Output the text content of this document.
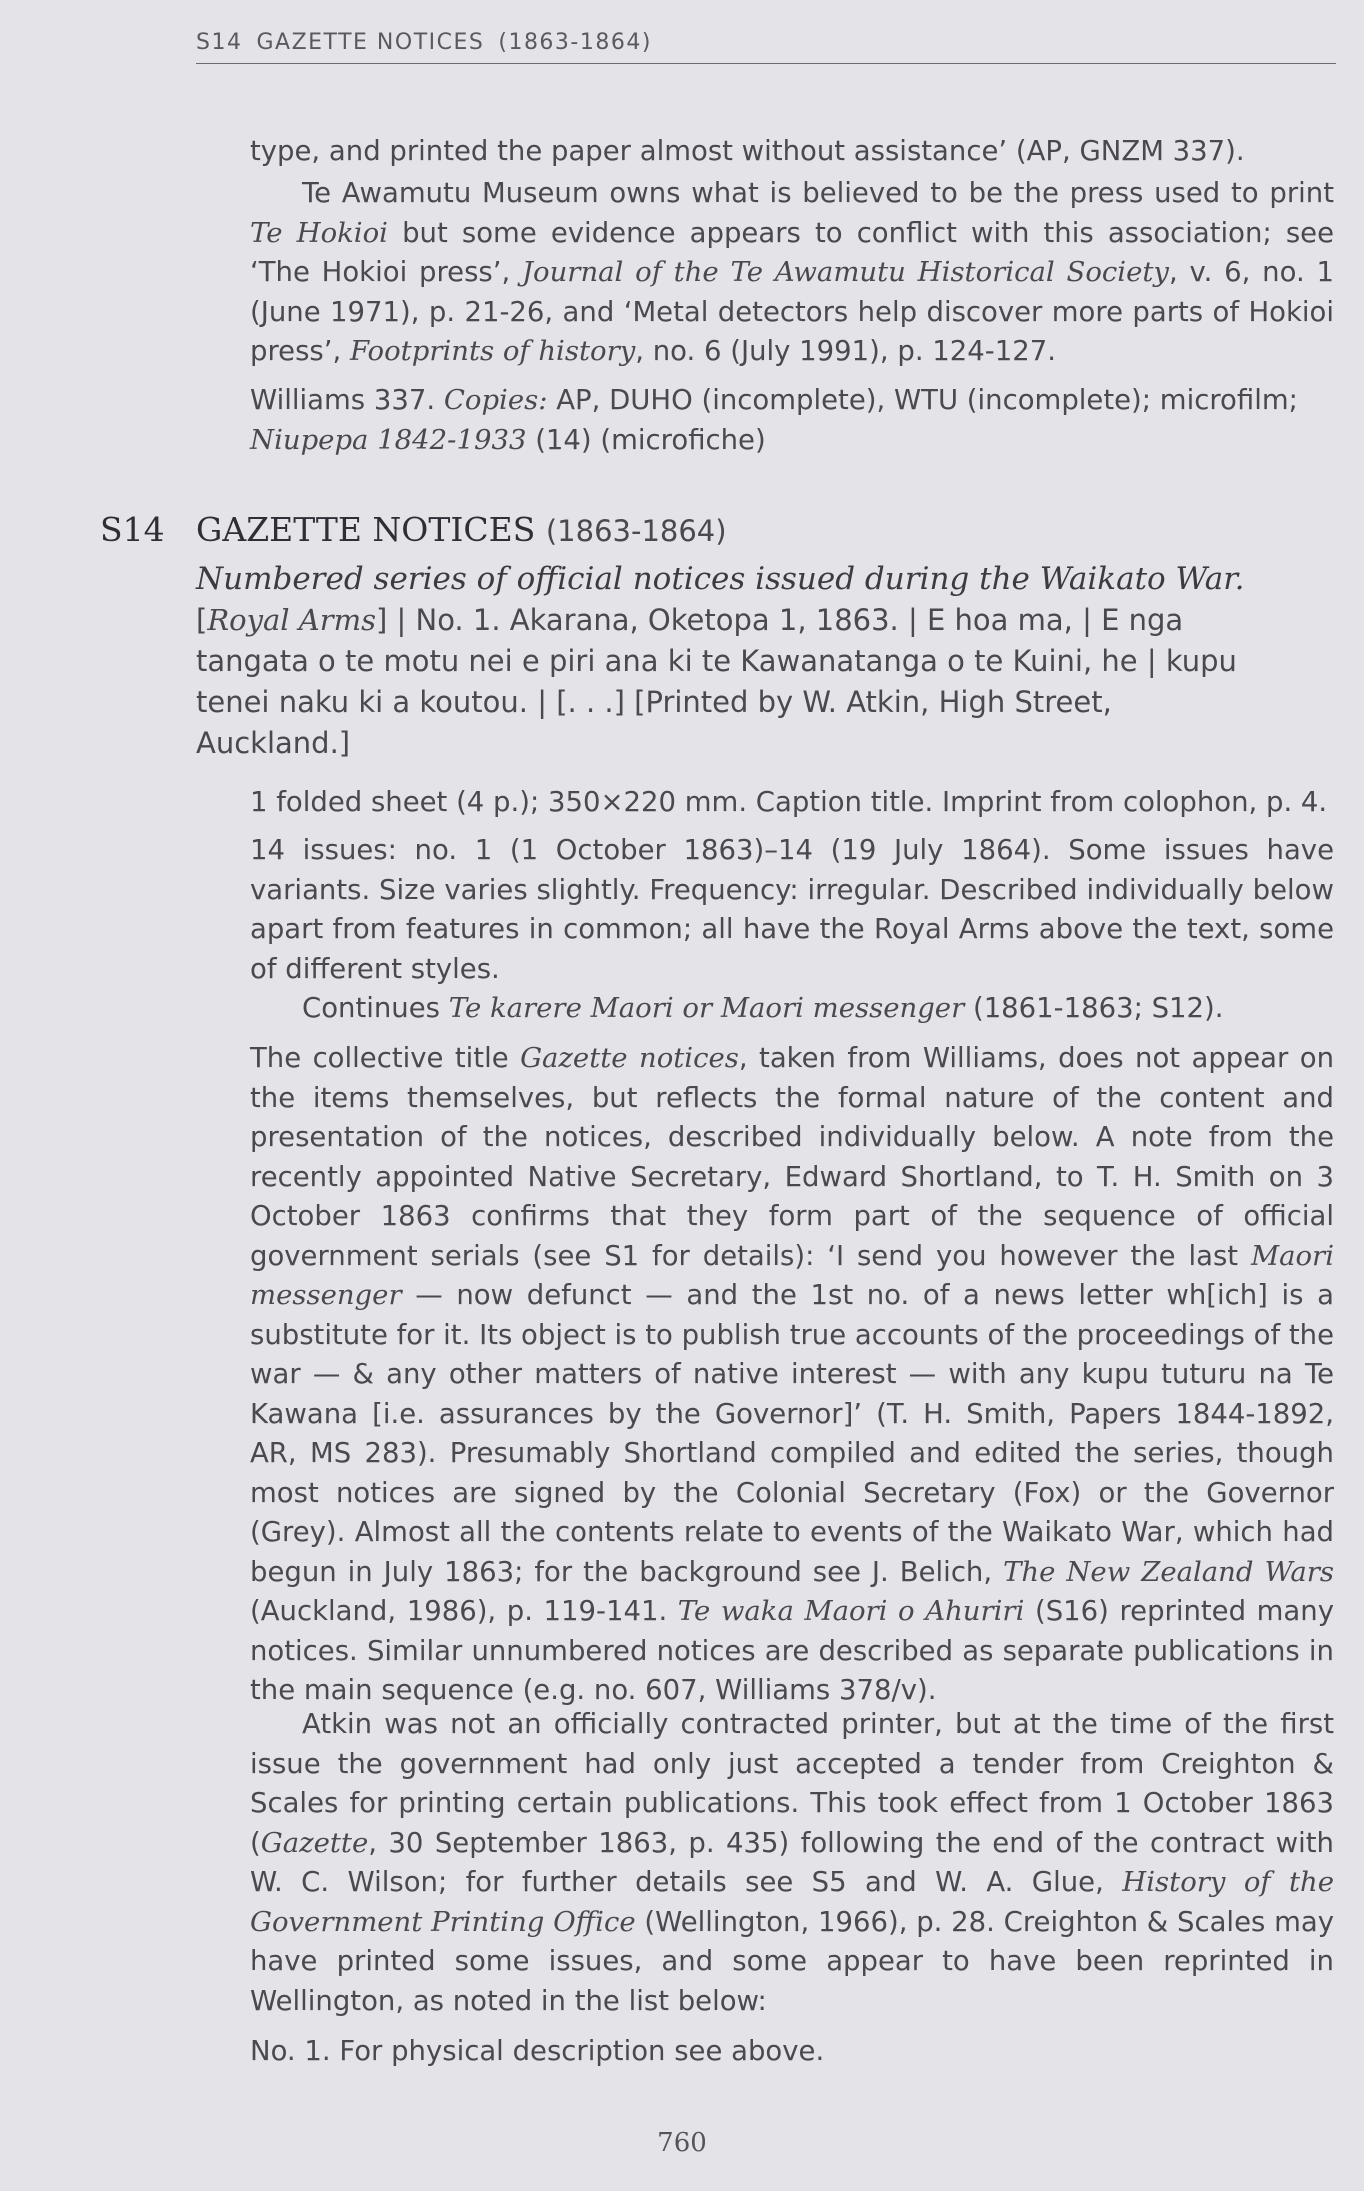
S14 GAZETTE NOTICES (1863-1864)

type, and printed the paper almost without assistance’ (AP, GNZM 337).

Te Awamutu Museum owns what is believed to be the press used to print Te Hokioi but some evidence appears to conflict with this association; see ‘The Hokioi press’, Journal of the Te Awamutu Historical Society, v. 6, no. 1 (June 1971), p. 21-26, and ‘Metal detectors help discover more parts of Hokioi press’, Footprints of history, no. 6 (July 1991), p. 124-127.

Williams 337. Copies: AP, DUHO (incomplete), WTU (incomplete); microfilm; Niupepa 1842-1933 (14) (microfiche)

S14 GAZETTE NOTICES (1863-1864)
Numbered series of official notices issued during the Waikato War.
[Royal Arms] | No. 1. Akarana, Oketopa 1, 1863. | E hoa ma, | E nga tangata o te motu nei e piri ana ki te Kawanatanga o te Kuini, he | kupu tenei naku ki a koutou. | [. . .] [Printed by W. Atkin, High Street, Auckland.]

1 folded sheet (4 p.); 350×220 mm. Caption title. Imprint from colophon, p. 4.

14 issues: no. 1 (1 October 1863)–14 (19 July 1864). Some issues have variants. Size varies slightly. Frequency: irregular. Described individually below apart from features in common; all have the Royal Arms above the text, some of different styles.

Continues Te karere Maori or Maori messenger (1861-1863; S12).

The collective title Gazette notices, taken from Williams, does not appear on the items themselves, but reflects the formal nature of the content and presentation of the notices, described individually below. A note from the recently appointed Native Secretary, Edward Shortland, to T. H. Smith on 3 October 1863 confirms that they form part of the sequence of official government serials (see S1 for details): ‘I send you however the last Maori messenger — now defunct — and the 1st no. of a news letter wh[ich] is a substitute for it. Its object is to publish true accounts of the proceedings of the war — & any other matters of native interest — with any kupu tuturu na Te Kawana [i.e. assurances by the Governor]’ (T. H. Smith, Papers 1844-1892, AR, MS 283). Presumably Shortland compiled and edited the series, though most notices are signed by the Colonial Secretary (Fox) or the Governor (Grey). Almost all the contents relate to events of the Waikato War, which had begun in July 1863; for the background see J. Belich, The New Zealand Wars (Auckland, 1986), p. 119-141. Te waka Maori o Ahuriri (S16) reprinted many notices. Similar unnumbered notices are described as separate publications in the main sequence (e.g. no. 607, Williams 378/v).

Atkin was not an officially contracted printer, but at the time of the first issue the government had only just accepted a tender from Creighton & Scales for printing certain publications. This took effect from 1 October 1863 (Gazette, 30 September 1863, p. 435) following the end of the contract with W. C. Wilson; for further details see S5 and W. A. Glue, History of the Government Printing Office (Wellington, 1966), p. 28. Creighton & Scales may have printed some issues, and some appear to have been reprinted in Wellington, as noted in the list below:

No. 1. For physical description see above.

760
